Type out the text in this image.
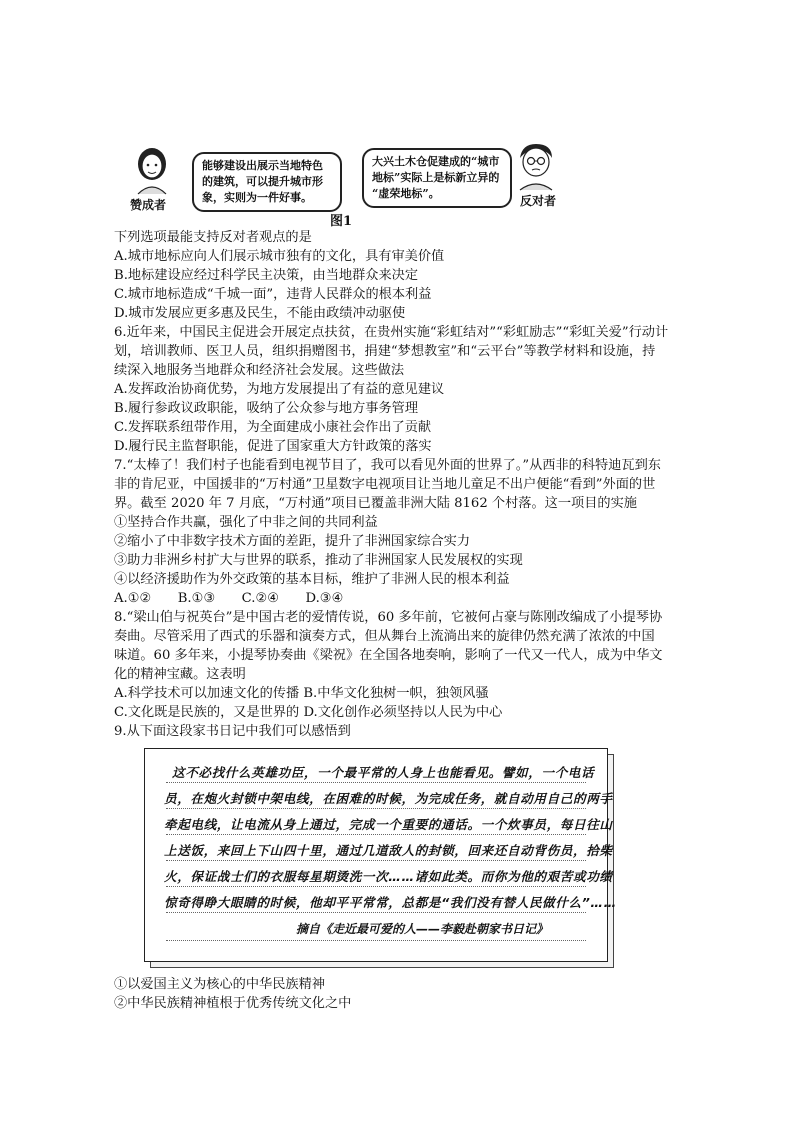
赞成者
能够建设出展示当地特色
的建筑，可以提升城市形
象，实则为一件好事。
大兴土木仓促建成的“城市
地标”实际上是标新立异的
“虚荣地标”。
反对者
图1
下列选项最能支持反对者观点的是
A.城市地标应向人们展示城市独有的文化，具有审美价值
B.地标建设应经过科学民主决策，由当地群众来决定
C.城市地标造成“千城一面”，违背人民群众的根本利益
D.城市发展应更多惠及民生，不能由政绩冲动驱使
6.近年来，中国民主促进会开展定点扶贫，在贵州实施“彩虹结对”“彩虹励志”“彩虹关爱”行动计
划，培训教师、医卫人员，组织捐赠图书，捐建“梦想教室”和“云平台”等教学材料和设施，持
续深入地服务当地群众和经济社会发展。这些做法
A.发挥政治协商优势，为地方发展提出了有益的意见建议
B.履行参政议政职能，吸纳了公众参与地方事务管理
C.发挥联系纽带作用，为全面建成小康社会作出了贡献
D.履行民主监督职能，促进了国家重大方针政策的落实
7.“太棒了！我们村子也能看到电视节目了，我可以看见外面的世界了。”从西非的科特迪瓦到东
非的肯尼亚，中国援非的“万村通”卫星数字电视项目让当地儿童足不出户便能“看到”外面的世
界。截至 2020 年 7 月底，“万村通”项目已覆盖非洲大陆 8162 个村落。这一项目的实施
①坚持合作共赢，强化了中非之间的共同利益
②缩小了中非数字技术方面的差距，提升了非洲国家综合实力
③助力非洲乡村扩大与世界的联系，推动了非洲国家人民发展权的实现
④以经济援助作为外交政策的基本目标，维护了非洲人民的根本利益
A.①②　　B.①③　　C.②④　　D.③④
8.“梁山伯与祝英台”是中国古老的爱情传说，60 多年前，它被何占豪与陈刚改编成了小提琴协
奏曲。尽管采用了西式的乐器和演奏方式，但从舞台上流淌出来的旋律仍然充满了浓浓的中国
味道。60 多年来，小提琴协奏曲《梁祝》在全国各地奏响，影响了一代又一代人，成为中华文
化的精神宝藏。这表明
A.科学技术可以加速文化的传播 B.中华文化独树一帜，独领风骚
C.文化既是民族的，又是世界的 D.文化创作必须坚持以人民为中心
9.从下面这段家书日记中我们可以感悟到
这不必找什么英雄功臣，一个最平常的人身上也能看见。譬如，一个电话
员，在炮火封锁中架电线，在困难的时候，为完成任务，就自动用自己的两手
牵起电线，让电流从身上通过，完成一个重要的通话。一个炊事员，每日往山
上送饭，来回上下山四十里，通过几道敌人的封锁，回来还自动背伤员，拾柴
火，保证战士们的衣服每星期烫洗一次……诸如此类。而你为他的艰苦或功绩
惊奇得睁大眼睛的时候，他却平平常常，总都是“我们没有替人民做什么”……
摘自《走近最可爱的人——李毅赴朝家书日记》
①以爱国主义为核心的中华民族精神
②中华民族精神植根于优秀传统文化之中
